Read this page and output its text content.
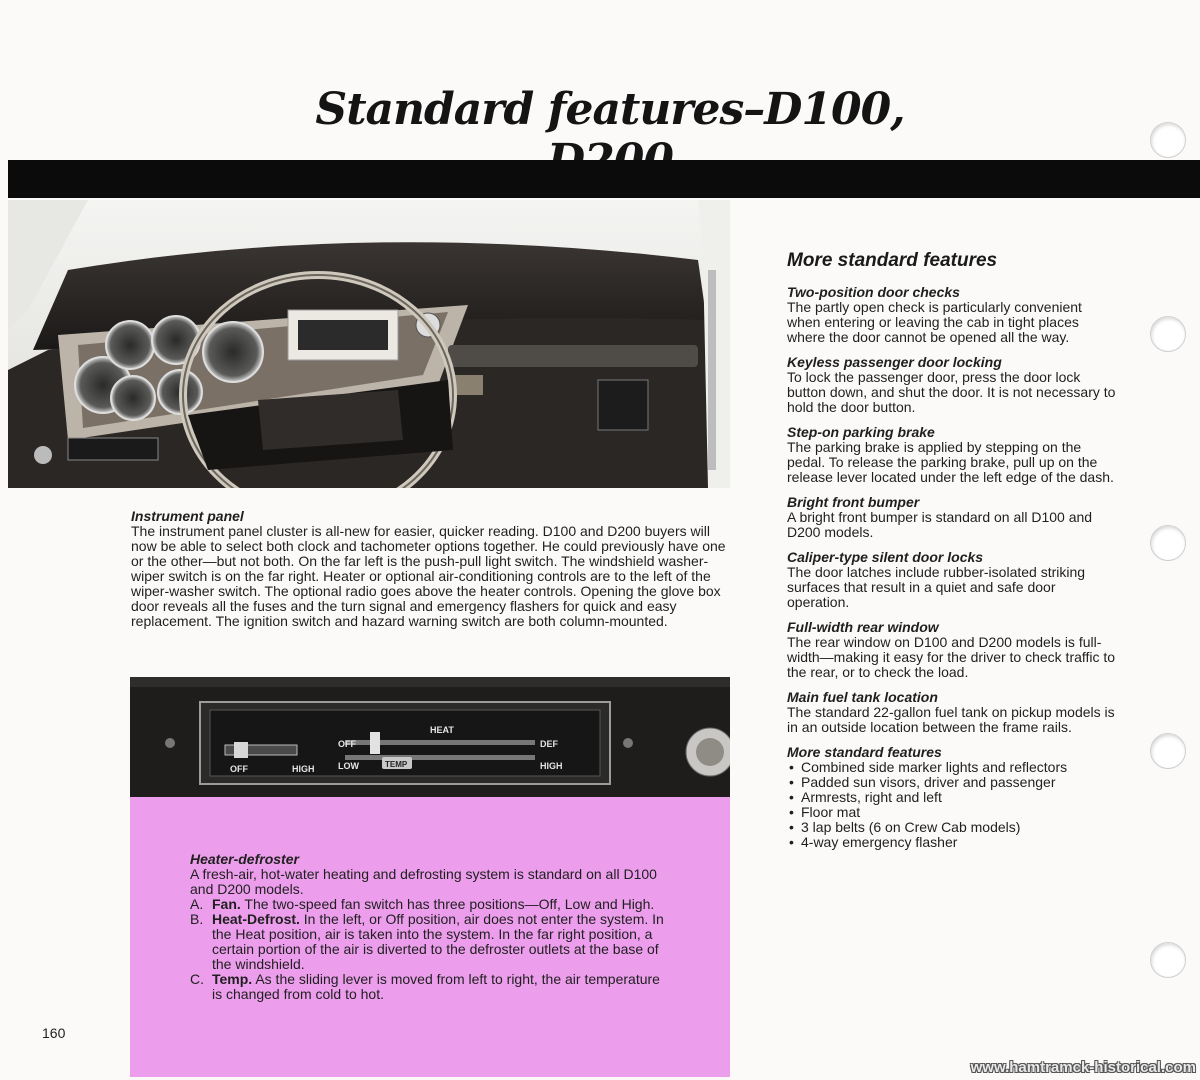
Standard features–D100,

Instrument panel

The instrument panel cluster is all-new for easier, quicker reading. D100 and D200 buyers will now be able to select both clock and tachometer options together. He could previously have one or the other—but not both. On the far left is the push-pull light switch. The windshield washer-wiper switch is on the far right. Heater or optional air-conditioning controls are to the left of the wiper-washer switch. The optional radio goes above the heater controls. Opening the glove box door reveals all the fuses and the turn signal and emergency flashers for quick and easy replacement. The ignition switch and hazard warning switch are both column-mounted.

HEAT
OFF	DEF
LOW	TEMP	HIGH
OFF	HIGH

Heater-defroster

A fresh-air, hot-water heating and defrosting system is standard on all D100 and D200 models.

A. Fan. The two-speed fan switch has three positions—Off, Low and High.
B. Heat-Defrost. In the left, or Off position, air does not enter the system. In the Heat position, air is taken into the system. In the far right position, a certain portion of the air is diverted to the defroster outlets at the base of the windshield.
C. Temp. As the sliding lever is moved from left to right, the air temperature is changed from cold to hot.
More standard features

Two-position door checks

The partly open check is particularly convenient when entering or leaving the cab in tight places where the door cannot be opened all the way.

Keyless passenger door locking

To lock the passenger door, press the door lock button down, and shut the door. It is not necessary to hold the door button.

Step-on parking brake

The parking brake is applied by stepping on the pedal. To release the parking brake, pull up on the release lever located under the left edge of the dash.

Bright front bumper

A bright front bumper is standard on all D100 and D200 models.

Caliper-type silent door locks

The door latches include rubber-isolated striking surfaces that result in a quiet and safe door operation.

Full-width rear window

The rear window on D100 and D200 models is full-width—making it easy for the driver to check traffic to the rear, or to check the load.

Main fuel tank location

The standard 22-gallon fuel tank on pickup models is in an outside location between the frame rails.

More standard features

• Combined side marker lights and reflectors
• Padded sun visors, driver and passenger
• Armrests, right and left
• Floor mat
• 3 lap belts (6 on Crew Cab models)
• 4-way emergency flasher
160
www.hamtramck-historical.com
